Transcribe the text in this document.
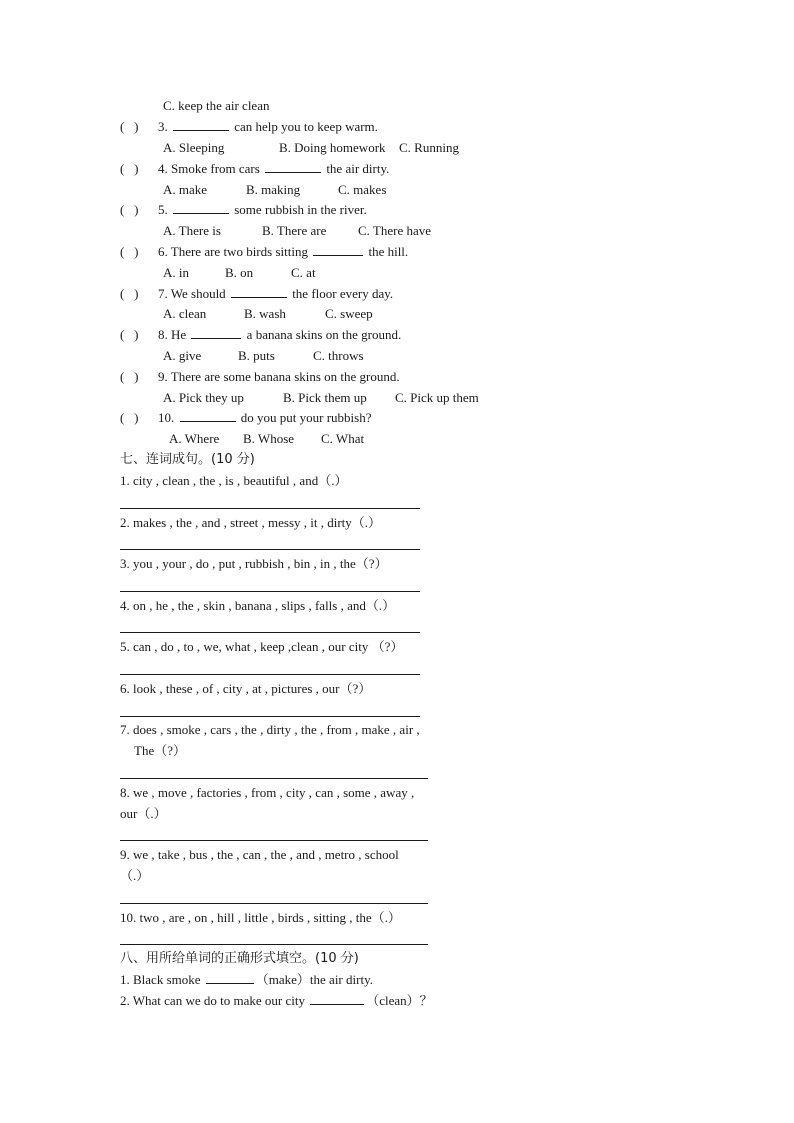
C. keep the air clean
(   ) 3.	can help you to keep warm.
A. Sleeping	B. Doing homework C. Running
(   ) 4. Smoke from cars	the air dirty.
A. make	B. making	C. makes
(   ) 5.	some rubbish in the river.
A. There is	B. There are C. There have
(   ) 6. There are two birds sitting	the hill.
A. in	B. on	C. at
(   ) 7. We should	the floor every day.
A. clean	B. wash	C. sweep
(   ) 8. He	a banana skins on the ground.
A. give	B. puts	C. throws
(   ) 9. There are some banana skins on the ground.
A. Pick they up	B. Pick them up C. Pick up them
(   ) 10.	do you put your rubbish?
A. Where B. Whose C. What
七、连词成句。(10 分)
1. city , clean , the , is , beautiful , and（.）
2. makes , the , and , street , messy , it , dirty（.）
3. you , your , do , put , rubbish , bin , in , the（?）
4. on , he , the , skin , banana , slips , falls , and（.）
5. can , do , to , we, what , keep ,clean , our city （?）
6. look , these , of , city , at , pictures , our（?）
7. does , smoke , cars , the , dirty , the , from , make , air ,
The（?）
8. we , move , factories , from , city , can , some , away ,
our（.）
9. we , take , bus , the , can , the , and , metro , school
（.）
10. two , are , on , hill , little , birds , sitting , the（.）
八、用所给单词的正确形式填空。(10 分)
1. Black smoke	（make）the air dirty.
2. What can we do to make our city	（clean）？
